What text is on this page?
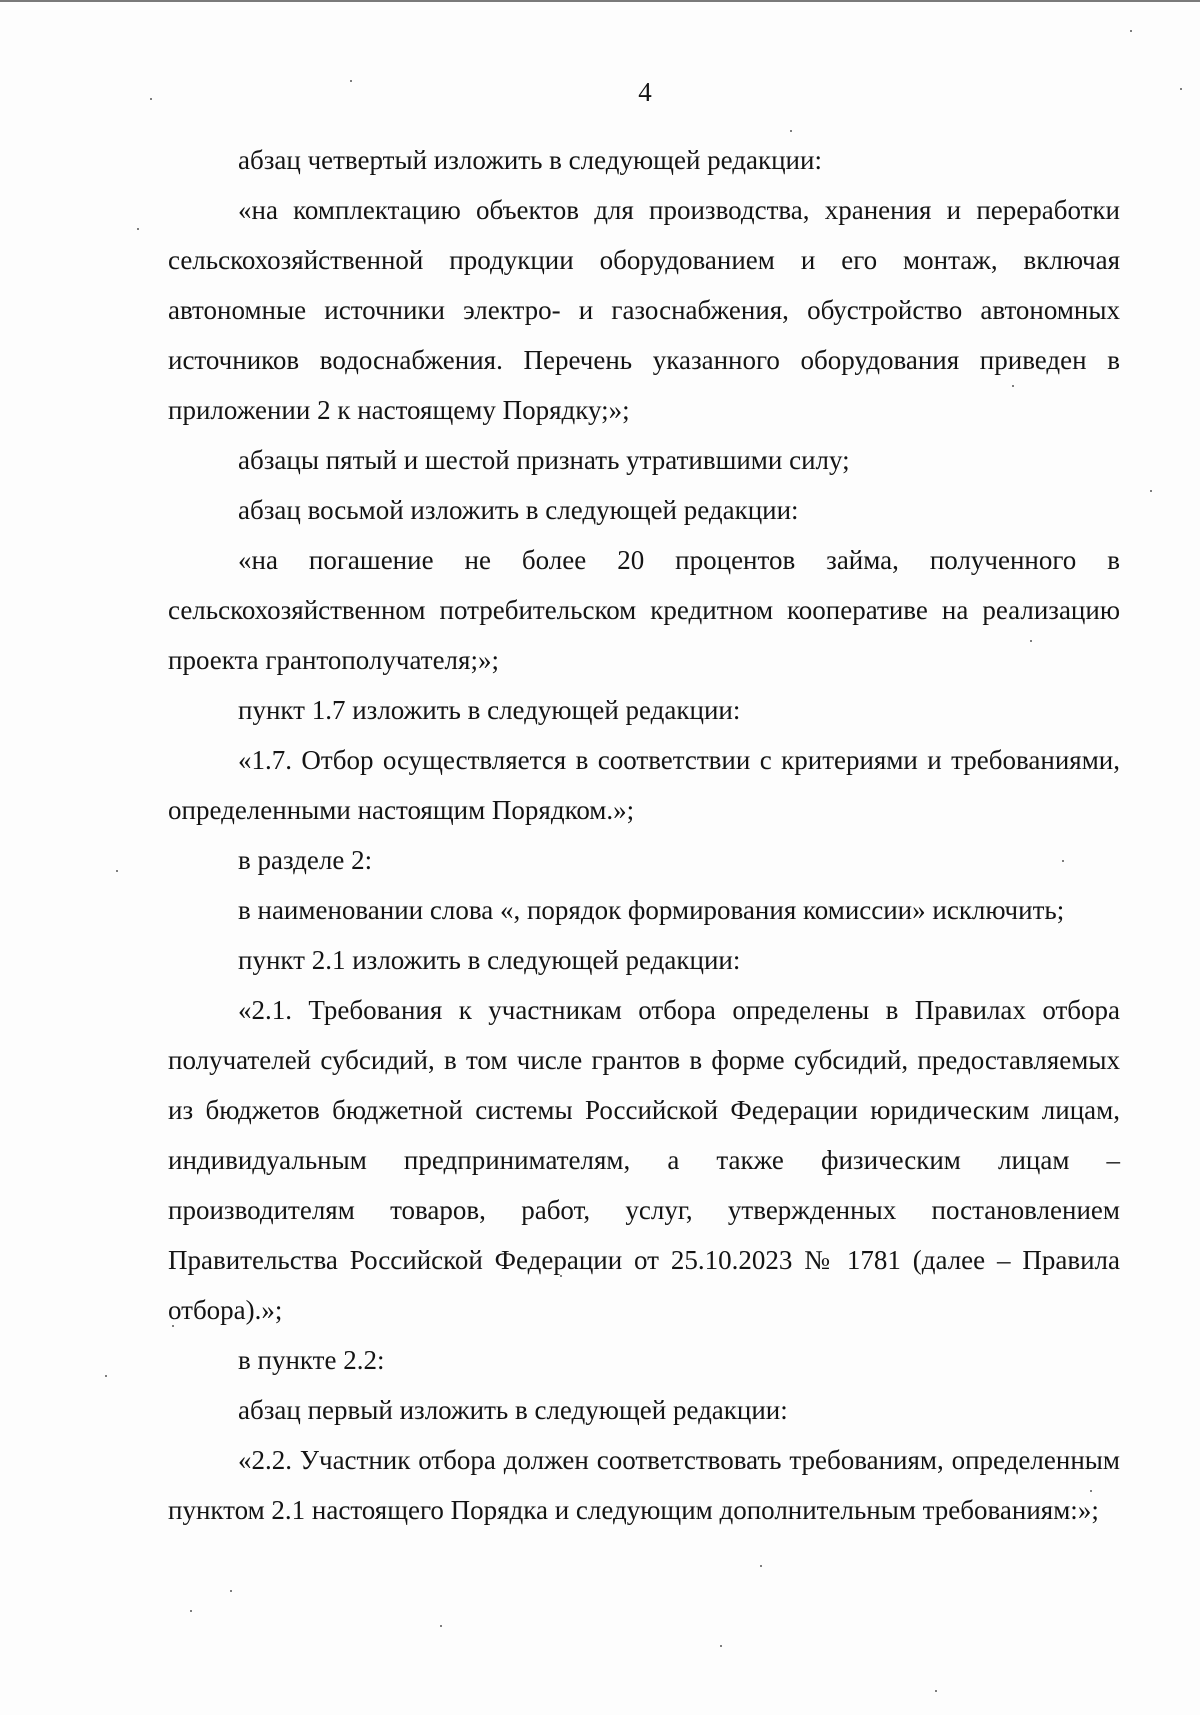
4

абзац четвертый изложить в следующей редакции:

«на комплектацию объектов для производства, хранения и переработки сельскохозяйственной продукции оборудованием и его монтаж, включая автономные источники электро- и газоснабжения, обустройство автономных источников водоснабжения. Перечень указанного оборудования приведен в приложении 2 к настоящему Порядку;»;

абзацы пятый и шестой признать утратившими силу;

абзац восьмой изложить в следующей редакции:

«на погашение не более 20 процентов займа, полученного в сельскохозяйственном потребительском кредитном кооперативе на реализацию проекта грантополучателя;»;

пункт 1.7 изложить в следующей редакции:

«1.7. Отбор осуществляется в соответствии с критериями и требованиями, определенными настоящим Порядком.»;

в разделе 2:

в наименовании слова «, порядок формирования комиссии» исключить;

пункт 2.1 изложить в следующей редакции:

«2.1. Требования к участникам отбора определены в Правилах отбора получателей субсидий, в том числе грантов в форме субсидий, предоставляемых из бюджетов бюджетной системы Российской Федерации юридическим лицам, индивидуальным предпринимателям, а также физическим лицам – производителям товаров, работ, услуг, утвержденных постановлением Правительства Российской Федерации от 25.10.2023 № 1781 (далее – Правила отбора).»;

в пункте 2.2:

абзац первый изложить в следующей редакции:

«2.2. Участник отбора должен соответствовать требованиям, определенным пунктом 2.1 настоящего Порядка и следующим дополнительным требованиям:»;
